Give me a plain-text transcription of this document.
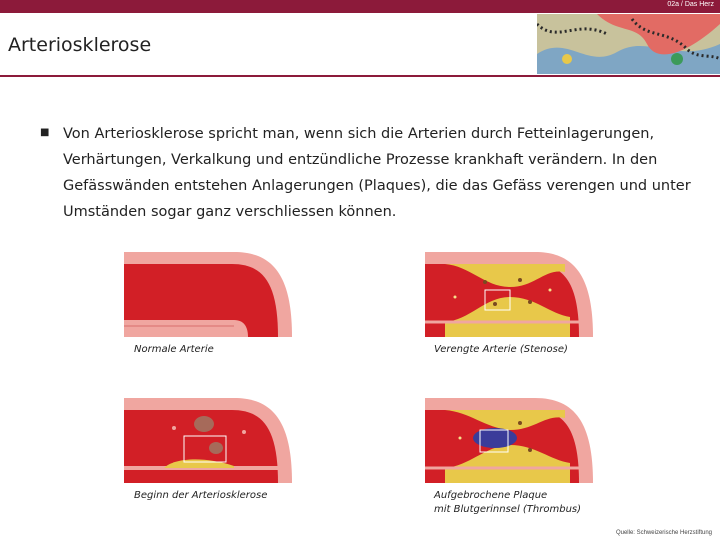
02a / Das Herz
Arteriosklerose
■ Von Arteriosklerose spricht man, wenn sich die Arterien durch Fetteinlagerungen, Verhärtungen, Verkalkung und entzündliche Prozesse krankhaft verändern. In den Gefässwänden entstehen Anlagerungen (Plaques), die das Gefäss verengen und unter Umständen sogar ganz verschliessen können.
Normale Arterie	Verengte Arterie (Stenose)
Beginn der Arteriosklerose	Aufgebrochene Plaque
mit Blutgerinnsel (Thrombus)
Quelle: Schweizerische Herzstiftung
